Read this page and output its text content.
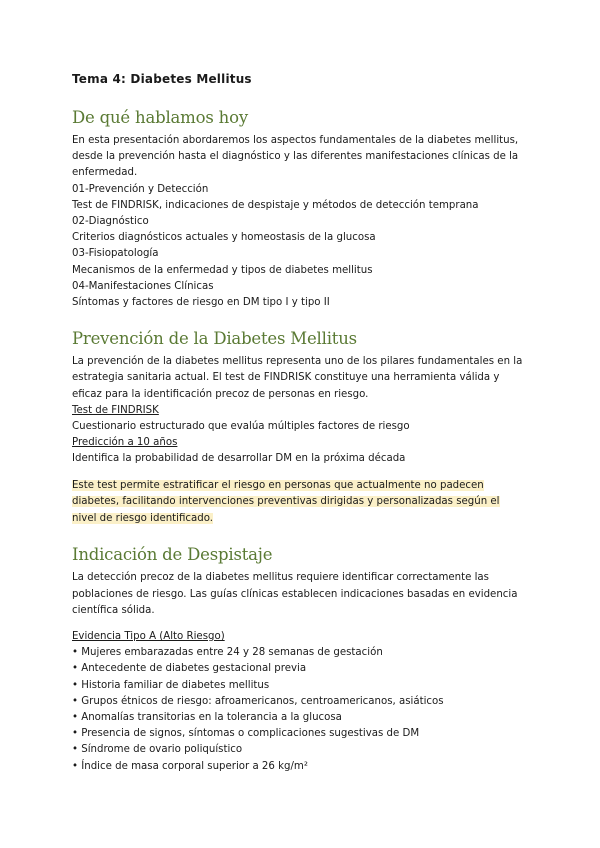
Tema 4: Diabetes Mellitus
De qué hablamos hoy

En esta presentación abordaremos los aspectos fundamentales de la diabetes mellitus, desde la prevención hasta el diagnóstico y las diferentes manifestaciones clínicas de la enfermedad.

01-Prevención y Detección
Test de FINDRISK, indicaciones de despistaje y métodos de detección temprana
02-Diagnóstico
Criterios diagnósticos actuales y homeostasis de la glucosa
03-Fisiopatología
Mecanismos de la enfermedad y tipos de diabetes mellitus
04-Manifestaciones Clínicas
Síntomas y factores de riesgo en DM tipo I y tipo II
Prevención de la Diabetes Mellitus

La prevención de la diabetes mellitus representa uno de los pilares fundamentales en la estrategia sanitaria actual. El test de FINDRISK constituye una herramienta válida y eficaz para la identificación precoz de personas en riesgo.

Test de FINDRISK
Cuestionario estructurado que evalúa múltiples factores de riesgo
Predicción a 10 años
Identifica la probabilidad de desarrollar DM en la próxima década
Este test permite estratificar el riesgo en personas que actualmente no padecen diabetes, facilitando intervenciones preventivas dirigidas y personalizadas según el nivel de riesgo identificado.
Indicación de Despistaje

La detección precoz de la diabetes mellitus requiere identificar correctamente las poblaciones de riesgo. Las guías clínicas establecen indicaciones basadas en evidencia científica sólida.

Evidencia Tipo A (Alto Riesgo)
• Mujeres embarazadas entre 24 y 28 semanas de gestación
• Antecedente de diabetes gestacional previa
• Historia familiar de diabetes mellitus
• Grupos étnicos de riesgo: afroamericanos, centroamericanos, asiáticos
• Anomalías transitorias en la tolerancia a la glucosa
• Presencia de signos, síntomas o complicaciones sugestivas de DM
• Síndrome de ovario poliquístico
• Índice de masa corporal superior a 26 kg/m²
